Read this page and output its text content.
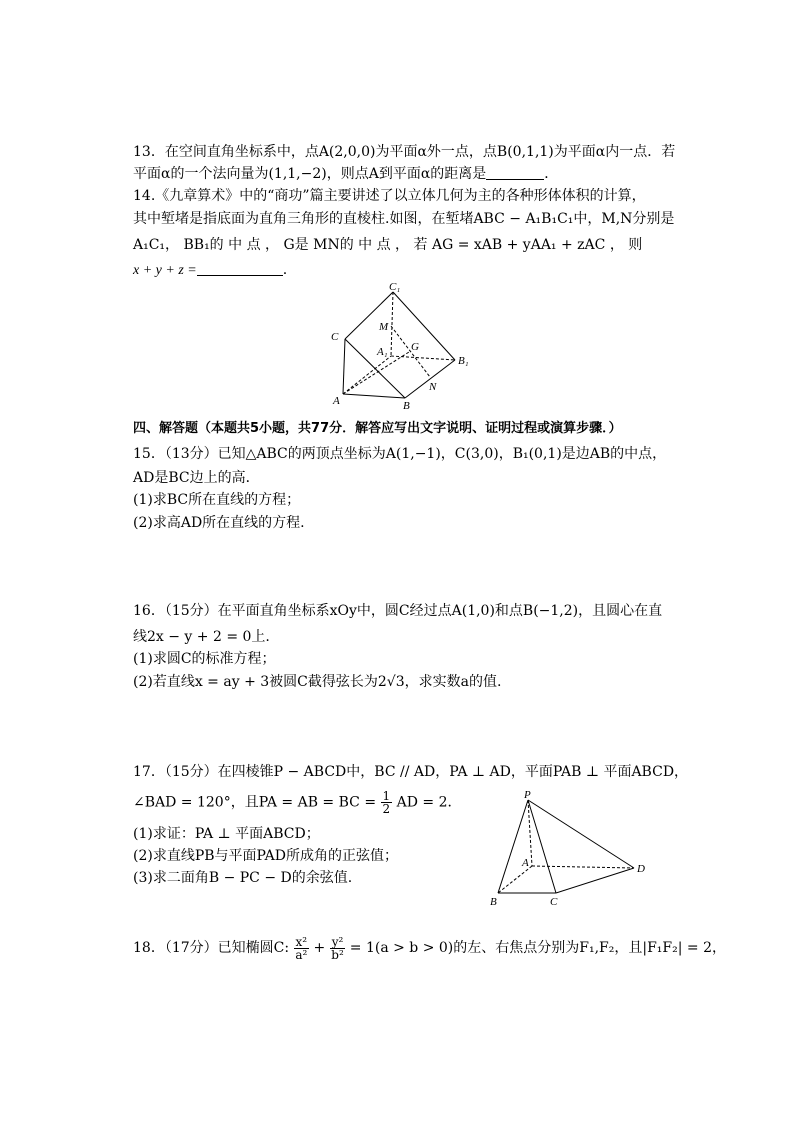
13．在空间直角坐标系中，点A(2,0,0)为平面α外一点，点B(0,1,1)为平面α内一点．若
平面α的一个法向量为(1,1,−2)，则点A到平面α的距离是	．
14.《九章算术》中的“商功”篇主要讲述了以立体几何为主的各种形体体积的计算，
其中堑堵是指底面为直角三角形的直棱柱.如图，在堑堵ABC − A₁B₁C₁中，M,N分别是
A₁C₁， BB₁的 中 点 ， G是 MN的 中 点 ， 若 AG = xAB + yAA₁ + zAC ， 则
x + y + z =	.
C₁
C
M
A₁ G
B₁
N
A	B
四、解答题（本题共5小题，共77分．解答应写出文字说明、证明过程或演算步骤．）
15．（13分）已知△ABC的两顶点坐标为A(1,−1)，C(3,0)，B₁(0,1)是边AB的中点，
AD是BC边上的高．
(1)求BC所在直线的方程；
(2)求高AD所在直线的方程.
16．（15分）在平面直角坐标系xOy中，圆C经过点A(1,0)和点B(−1,2)，且圆心在直
线2x − y + 2 = 0上.
(1)求圆C的标准方程；
(2)若直线x = ay + 3被圆C截得弦长为2√3，求实数a的值.
17．（15分）在四棱锥P − ABCD中，BC // AD，PA ⊥ AD，平面PAB ⊥ 平面ABCD，
∠BAD = 120°，且PA = AB = BC = $\frac{1}{2}$ AD = 2．
(1)求证：PA ⊥ 平面ABCD；
(2)求直线PB与平面PAD所成角的正弦值；
(3)求二面角B − PC − D的余弦值.
P
A	D
B	C
18．（17分）已知椭圆C: $\frac{\text{x²}}{\text{a²}} + \frac{\text{y²}}{\text{b²}} = 1(a > b > 0)$的左、右焦点分别为F₁,F₂，且|F₁F₂| = 2，
